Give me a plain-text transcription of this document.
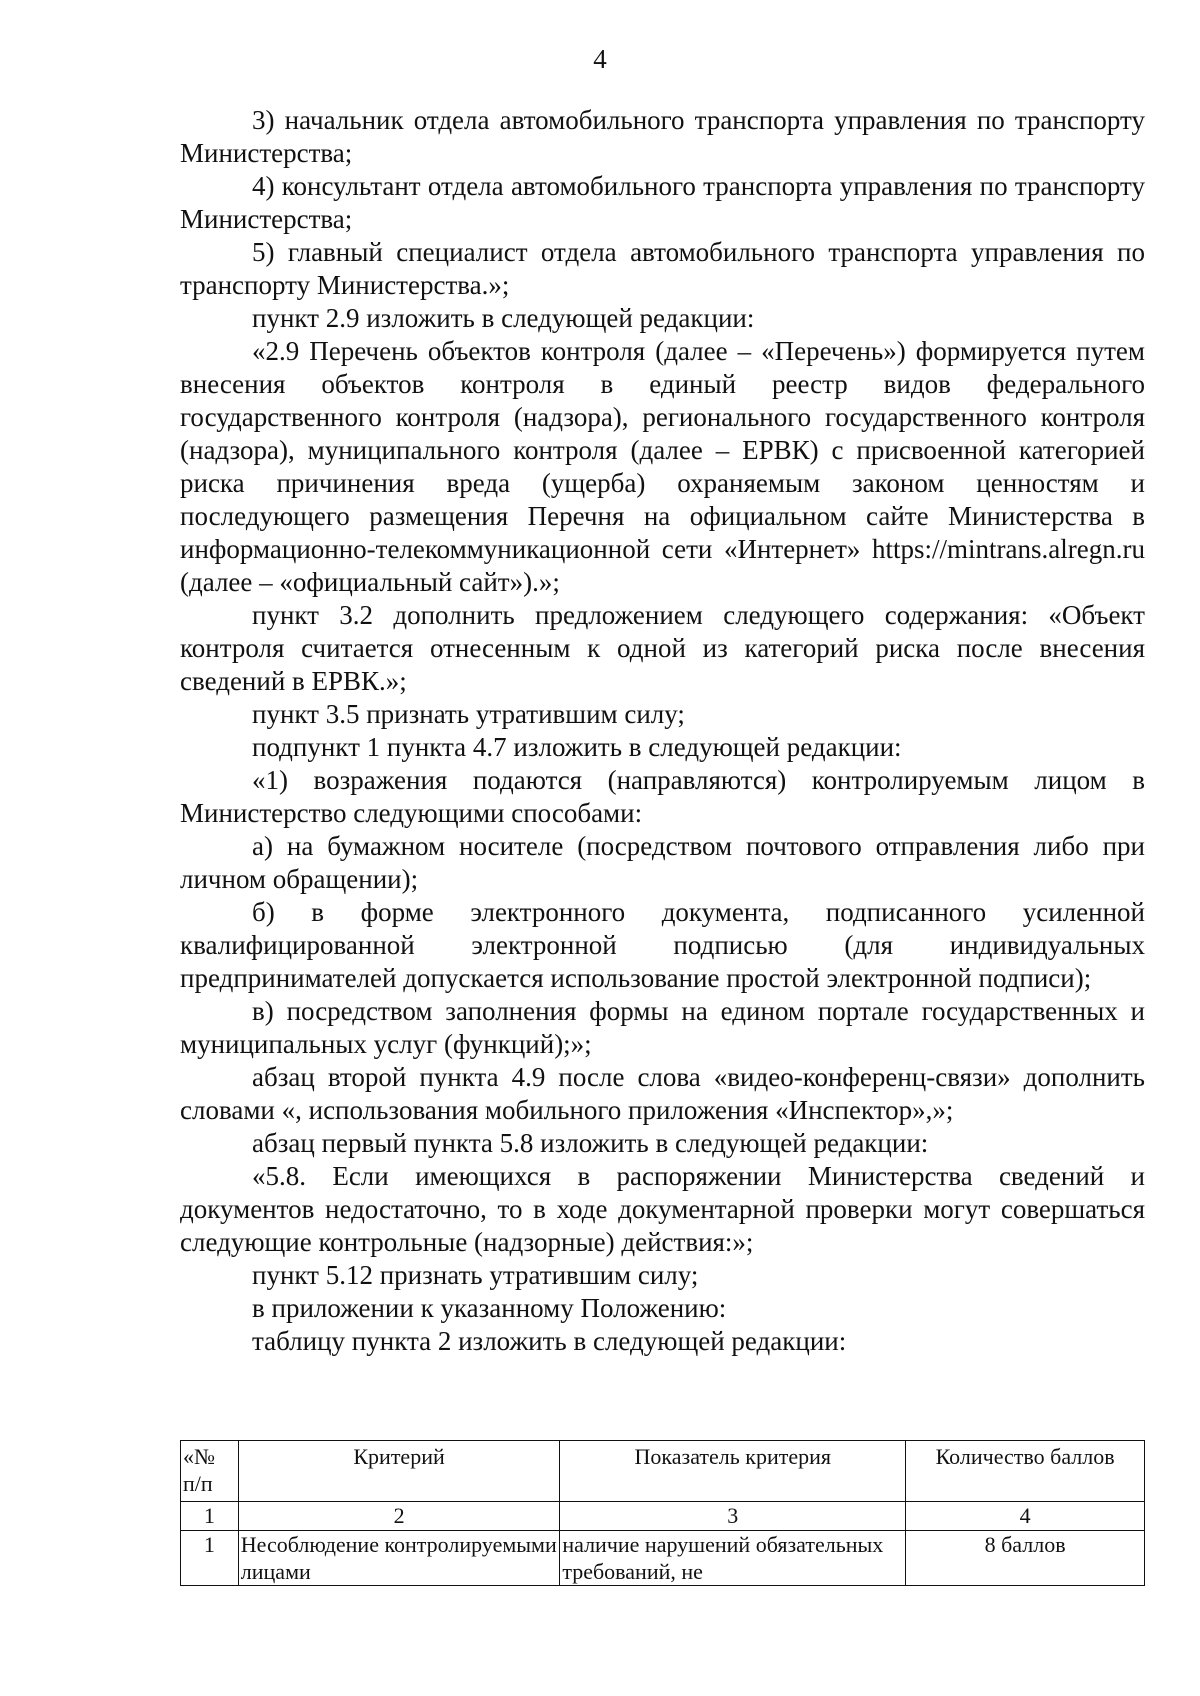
4

3) начальник отдела автомобильного транспорта управления по транспорту Министерства;

4) консультант отдела автомобильного транспорта управления по транспорту Министерства;

5) главный специалист отдела автомобильного транспорта управления по транспорту Министерства.»;

пункт 2.9 изложить в следующей редакции:

«2.9 Перечень объектов контроля (далее – «Перечень») формируется путем внесения объектов контроля в единый реестр видов федерального государственного контроля (надзора), регионального государственного контроля (надзора), муниципального контроля (далее – ЕРВК) с присвоенной категорией риска причинения вреда (ущерба) охраняемым законом ценностям и последующего размещения Перечня на официальном сайте Министерства в информационно-телекоммуникационной сети «Интернет» https://mintrans.alregn.ru (далее – «официальный сайт»).»;

пункт 3.2 дополнить предложением следующего содержания: «Объект контроля считается отнесенным к одной из категорий риска после внесения сведений в ЕРВК.»;

пункт 3.5 признать утратившим силу;

подпункт 1 пункта 4.7 изложить в следующей редакции:

«1) возражения подаются (направляются) контролируемым лицом в Министерство следующими способами:

а) на бумажном носителе (посредством почтового отправления либо при личном обращении);

б) в форме электронного документа, подписанного усиленной квалифицированной электронной подписью (для индивидуальных предпринимателей допускается использование простой электронной подписи);

в) посредством заполнения формы на едином портале государственных и муниципальных услуг (функций);»;

абзац второй пункта 4.9 после слова «видео-конференц-связи» дополнить словами «, использования мобильного приложения «Инспектор»,»;

абзац первый пункта 5.8 изложить в следующей редакции:

«5.8. Если имеющихся в распоряжении Министерства сведений и документов недостаточно, то в ходе документарной проверки могут совершаться следующие контрольные (надзорные) действия:»;

пункт 5.12 признать утратившим силу;

в приложении к указанному Положению:

таблицу пункта 2 изложить в следующей редакции:

«№ п/п	Критерий	Показатель критерия	Количество баллов
1	2	3	4
1	Несоблюдение контролируемыми лицами	наличие нарушений обязательных требований, не	8 баллов
